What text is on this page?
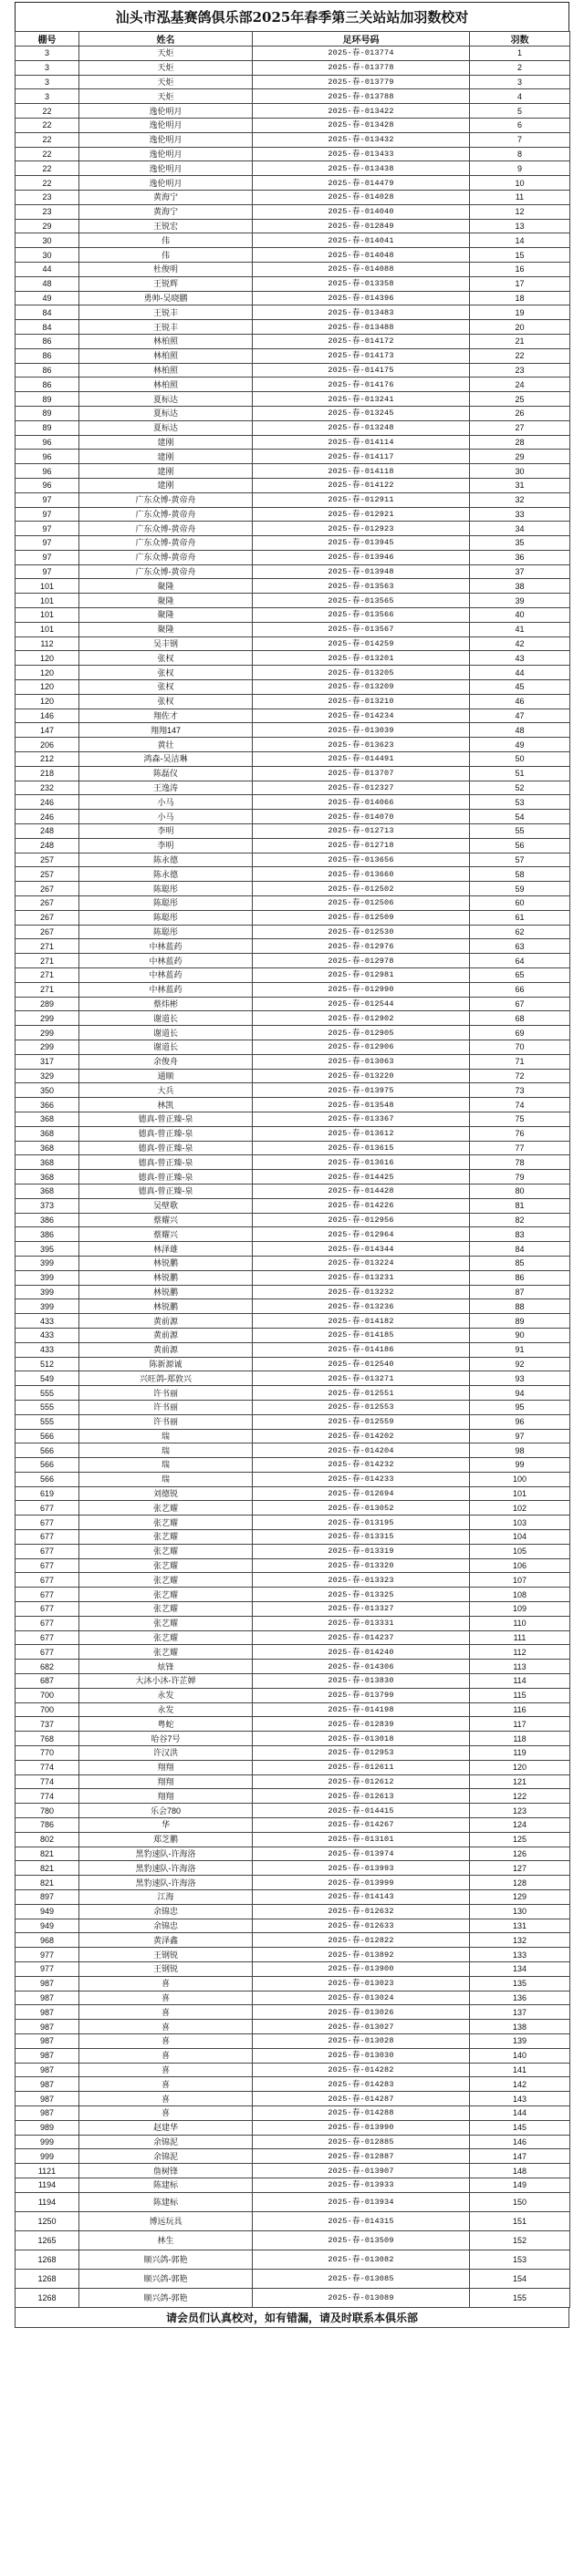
汕头市泓基赛鸽俱乐部2025年春季第三关站站加羽数校对
棚号	姓名	足环号码	羽数
3	天炬	2025-春-013774	1
3	天炬	2025-春-013778	2
3	天炬	2025-春-013779	3
3	天炬	2025-春-013788	4
22	逸伦明月	2025-春-013422	5
22	逸伦明月	2025-春-013428	6
22	逸伦明月	2025-春-013432	7
22	逸伦明月	2025-春-013433	8
22	逸伦明月	2025-春-013438	9
22	逸伦明月	2025-春-014479	10
23	黄海宁	2025-春-014028	11
23	黄海宁	2025-春-014040	12
29	王锐宏	2025-春-012849	13
30	伟	2025-春-014041	14
30	伟	2025-春-014048	15
44	杜俊明	2025-春-014088	16
48	王锐辉	2025-春-013358	17
49	勇帅-吴晓鹏	2025-春-014396	18
84	王锐丰	2025-春-013483	19
84	王锐丰	2025-春-013488	20
86	林柏照	2025-春-014172	21
86	林柏照	2025-春-014173	22
86	林柏照	2025-春-014175	23
86	林柏照	2025-春-014176	24
89	夏标达	2025-春-013241	25
89	夏标达	2025-春-013245	26
89	夏标达	2025-春-013248	27
96	建刚	2025-春-014114	28
96	建刚	2025-春-014117	29
96	建刚	2025-春-014118	30
96	建刚	2025-春-014122	31
97	广东众博-黄帝舟	2025-春-012911	32
97	广东众博-黄帝舟	2025-春-012921	33
97	广东众博-黄帝舟	2025-春-012923	34
97	广东众博-黄帝舟	2025-春-013945	35
97	广东众博-黄帝舟	2025-春-013946	36
97	广东众博-黄帝舟	2025-春-013948	37
101	聚隆	2025-春-013563	38
101	聚隆	2025-春-013565	39
101	聚隆	2025-春-013566	40
101	聚隆	2025-春-013567	41
112	吴丰钢	2025-春-014259	42
120	张权	2025-春-013201	43
120	张权	2025-春-013205	44
120	张权	2025-春-013209	45
120	张权	2025-春-013210	46
146	翔佐才	2025-春-014234	47
147	翔翔147	2025-春-013039	48
206	黄壮	2025-春-013623	49
212	鸿森-吴洁琳	2025-春-014491	50
218	陈磊仪	2025-春-013707	51
232	王逸涛	2025-春-012327	52
246	小马	2025-春-014066	53
246	小马	2025-春-014070	54
248	李明	2025-春-012713	55
248	李明	2025-春-012718	56
257	陈永德	2025-春-013656	57
257	陈永德	2025-春-013660	58
267	陈聪彤	2025-春-012502	59
267	陈聪彤	2025-春-012506	60
267	陈聪彤	2025-春-012509	61
267	陈聪彤	2025-春-012530	62
271	中林蓝药	2025-春-012976	63
271	中林蓝药	2025-春-012978	64
271	中林蓝药	2025-春-012981	65
271	中林蓝药	2025-春-012990	66
289	蔡炜彬	2025-春-012544	67
299	谢道长	2025-春-012902	68
299	谢道长	2025-春-012905	69
299	谢道长	2025-春-012906	70
317	余俊舟	2025-春-013063	71
329	通顺	2025-春-013220	72
350	大兵	2025-春-013975	73
366	林凯	2025-春-013548	74
368	德真-曾正臻-泉	2025-春-013367	75
368	德真-曾正臻-泉	2025-春-013612	76
368	德真-曾正臻-泉	2025-春-013615	77
368	德真-曾正臻-泉	2025-春-013616	78
368	德真-曾正臻-泉	2025-春-014425	79
368	德真-曾正臻-泉	2025-春-014428	80
373	吴壁歌	2025-春-014226	81
386	蔡耀兴	2025-春-012956	82
386	蔡耀兴	2025-春-012964	83
395	林泽雄	2025-春-014344	84
399	林锐鹏	2025-春-013224	85
399	林锐鹏	2025-春-013231	86
399	林锐鹏	2025-春-013232	87
399	林锐鹏	2025-春-013236	88
433	黄前源	2025-春-014182	89
433	黄前源	2025-春-014185	90
433	黄前源	2025-春-014186	91
512	陈新源诚	2025-春-012540	92
549	兴旺鸽-郑敦兴	2025-春-013271	93
555	许书丽	2025-春-012551	94
555	许书丽	2025-春-012553	95
555	许书丽	2025-春-012559	96
566	瑞	2025-春-014202	97
566	瑞	2025-春-014204	98
566	瑞	2025-春-014232	99
566	瑞	2025-春-014233	100
619	刘德锐	2025-春-012694	101
677	张艺耀	2025-春-013052	102
677	张艺耀	2025-春-013195	103
677	张艺耀	2025-春-013315	104
677	张艺耀	2025-春-013319	105
677	张艺耀	2025-春-013320	106
677	张艺耀	2025-春-013323	107
677	张艺耀	2025-春-013325	108
677	张艺耀	2025-春-013327	109
677	张艺耀	2025-春-013331	110
677	张艺耀	2025-春-014237	111
677	张艺耀	2025-春-014240	112
682	炫锋	2025-春-014306	113
687	大沐小沐-许芷婵	2025-春-013830	114
700	永发	2025-春-013799	115
700	永发	2025-春-014198	116
737	粤蛇	2025-春-012839	117
768	哈谷7号	2025-春-013018	118
770	许汉洪	2025-春-012953	119
774	翔翔	2025-春-012611	120
774	翔翔	2025-春-012612	121
774	翔翔	2025-春-012613	122
780	乐会780	2025-春-014415	123
786	华	2025-春-014267	124
802	郑芝鹏	2025-春-013101	125
821	黑豹速队-许海洛	2025-春-013974	126
821	黑豹速队-许海洛	2025-春-013993	127
821	黑豹速队-许海洛	2025-春-013999	128
897	江海	2025-春-014143	129
949	余锦忠	2025-春-012632	130
949	余锦忠	2025-春-012633	131
968	黄泽鑫	2025-春-012822	132
977	王钢锐	2025-春-013892	133
977	王钢锐	2025-春-013900	134
987	喜	2025-春-013023	135
987	喜	2025-春-013024	136
987	喜	2025-春-013026	137
987	喜	2025-春-013027	138
987	喜	2025-春-013028	139
987	喜	2025-春-013030	140
987	喜	2025-春-014282	141
987	喜	2025-春-014283	142
987	喜	2025-春-014287	143
987	喜	2025-春-014288	144
989	赵建华	2025-春-013990	145
999	余锦泥	2025-春-012885	146
999	余锦泥	2025-春-012887	147
1121	詹树锋	2025-春-013907	148
1194	陈建标	2025-春-013933	149
1194	陈建标	2025-春-013934	150
1250	博远玩具	2025-春-014315	151
1265	林生	2025-春-013509	152
1268	顺兴鸽-郭艳	2025-春-013082	153
1268	顺兴鸽-郭艳	2025-春-013085	154
1268	顺兴鸽-郭艳	2025-春-013089	155
请会员们认真校对，如有错漏，请及时联系本俱乐部
